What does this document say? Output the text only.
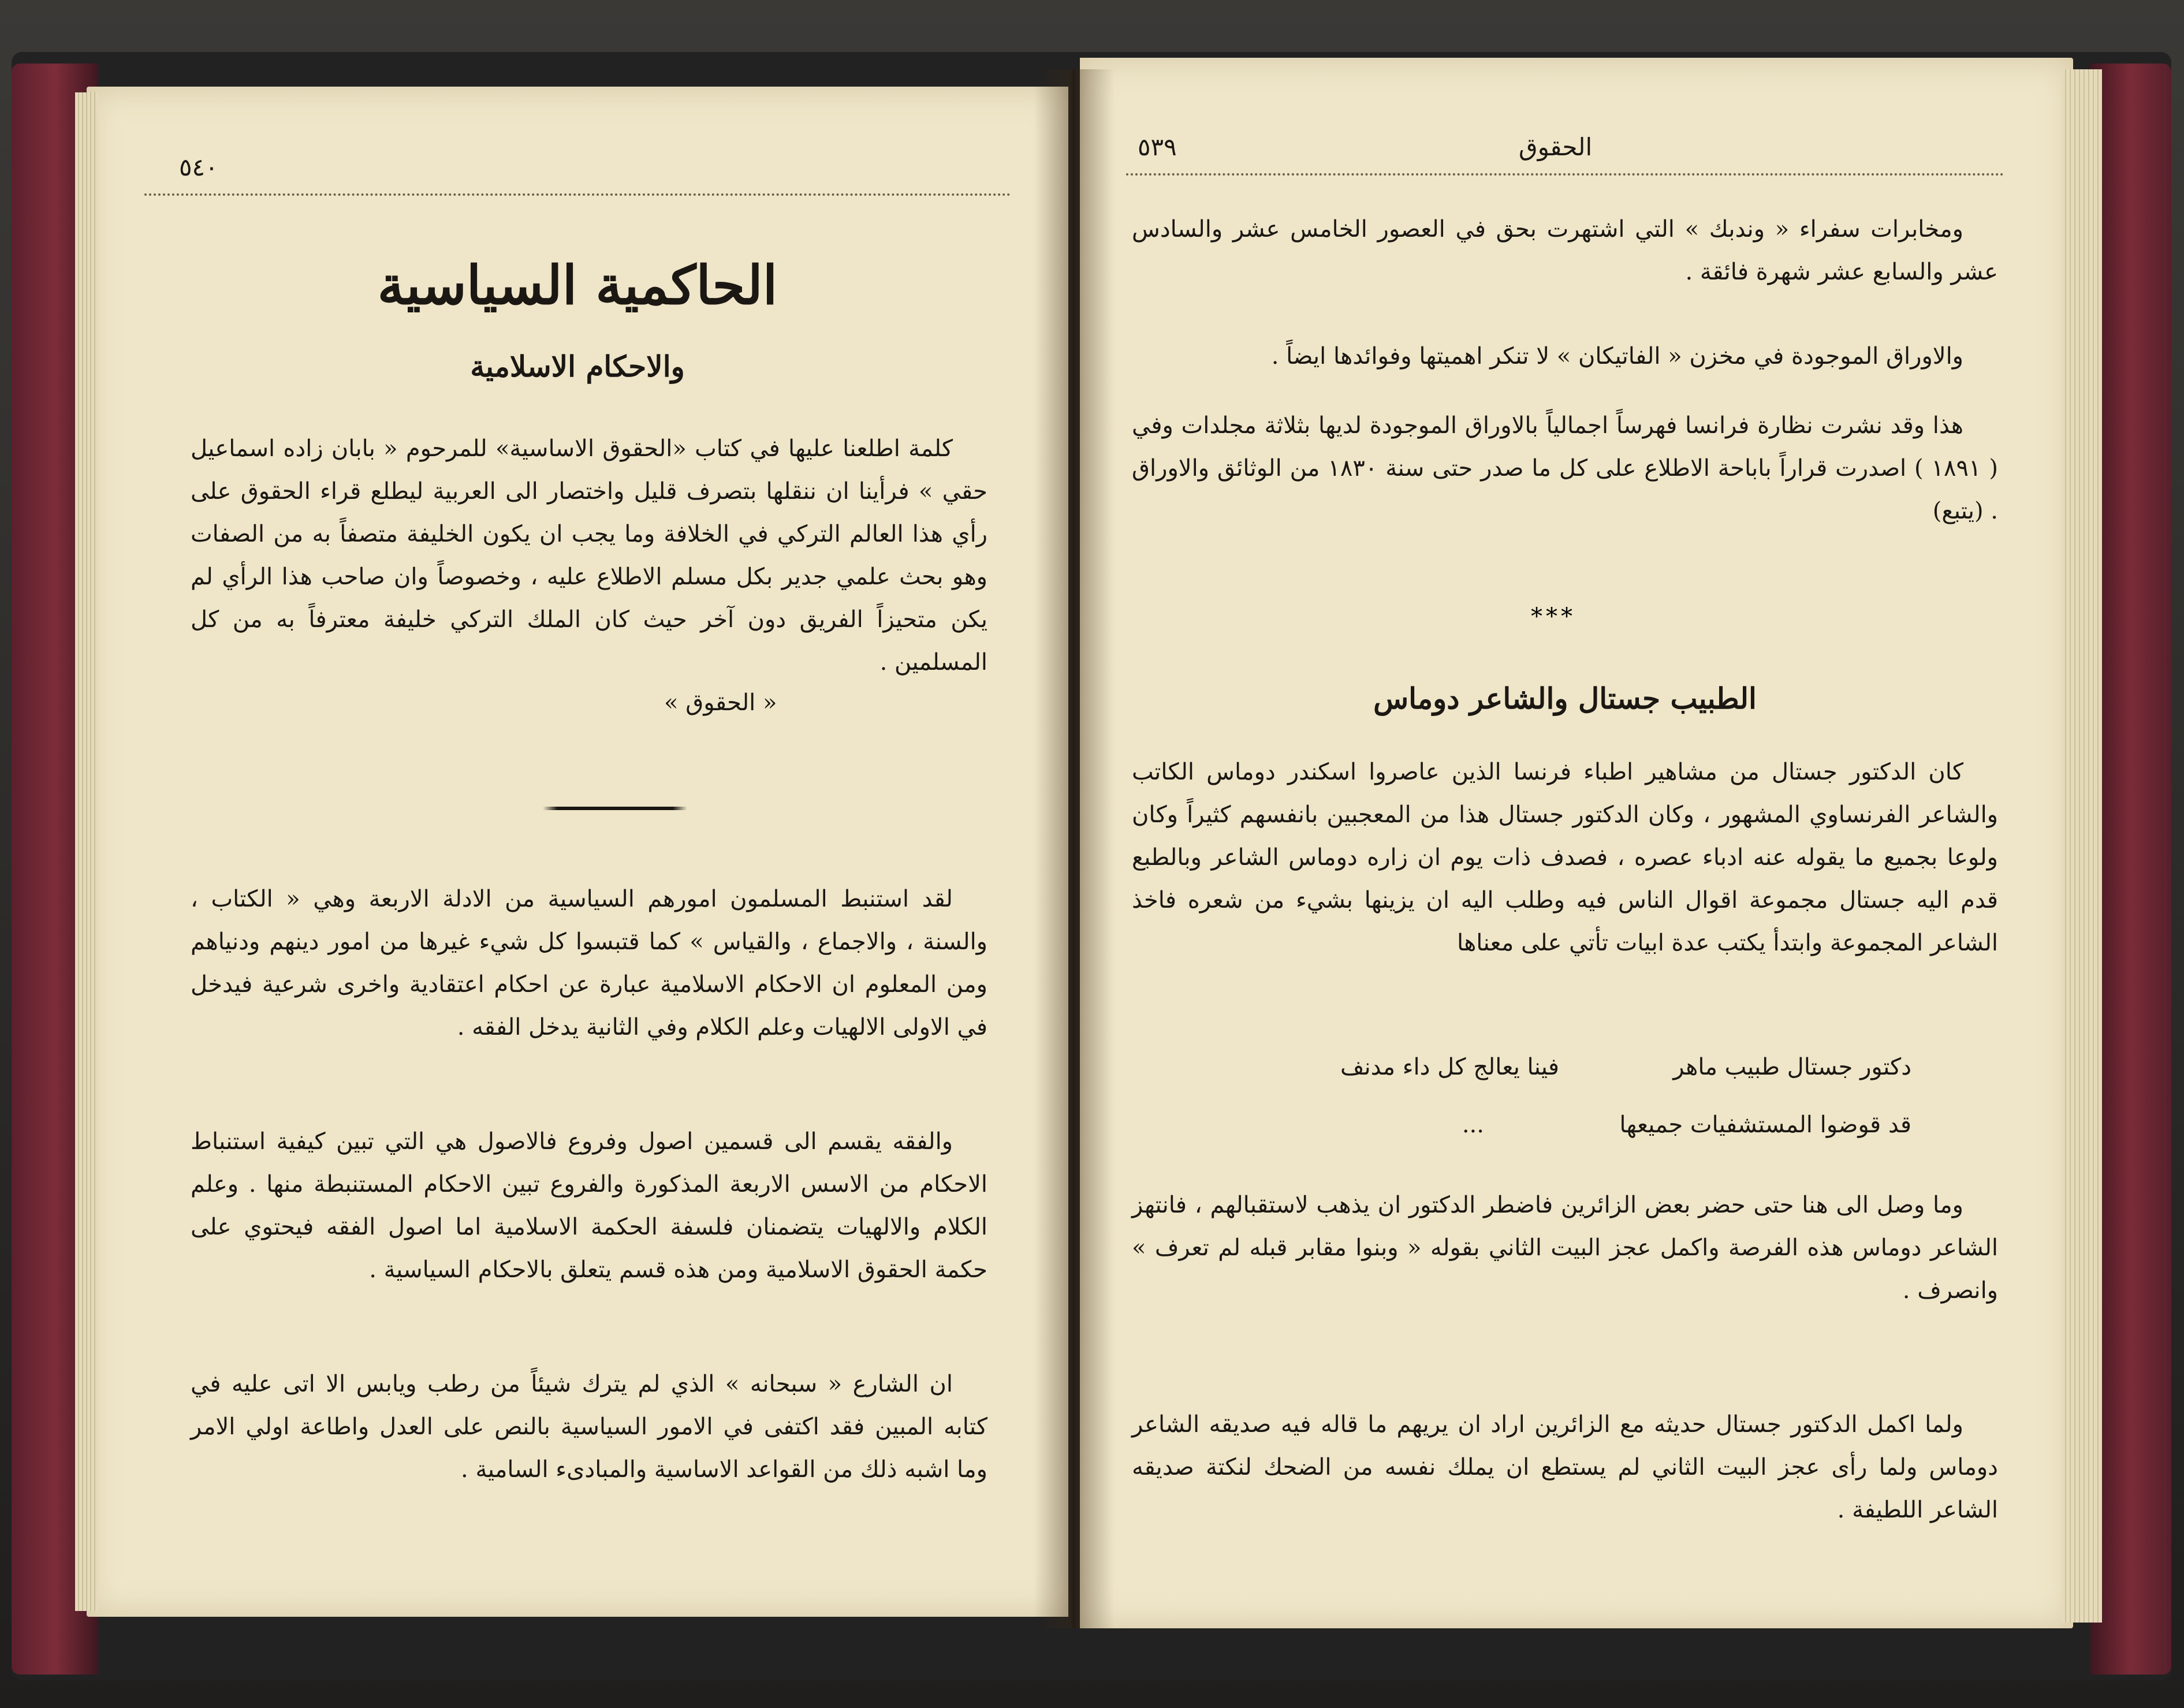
٥٤٠
الحاكمية السياسية
والاحكام الاسلامية
كلمة اطلعنا عليها في كتاب «الحقوق الاساسية» للمرحوم « بابان زاده اسماعيل حقي » فرأينا ان ننقلها بتصرف قليل واختصار الى العربية ليطلع قراء الحقوق على رأي هذا العالم التركي في الخلافة وما يجب ان يكون الخليفة متصفاً به من الصفات وهو بحث علمي جدير بكل مسلم الاطلاع عليه ، وخصوصاً وان صاحب هذا الرأي لم يكن متحيزاً الفريق دون آخر حيث كان الملك التركي خليفة معترفاً به من كل المسلمين .
« الحقوق »
لقد استنبط المسلمون امورهم السياسية من الادلة الاربعة وهي « الكتاب ، والسنة ، والاجماع ، والقياس » كما قتبسوا كل شيء غيرها من امور دينهم ودنياهم ومن المعلوم ان الاحكام الاسلامية عبارة عن احكام اعتقادية واخرى شرعية فيدخل في الاولى الالهيات وعلم الكلام وفي الثانية يدخل الفقه .
والفقه يقسم الى قسمين اصول وفروع فالاصول هي التي تبين كيفية استنباط الاحكام من الاسس الاربعة المذكورة والفروع تبين الاحكام المستنبطة منها . وعلم الكلام والالهيات يتضمنان فلسفة الحكمة الاسلامية اما اصول الفقه فيحتوي على حكمة الحقوق الاسلامية ومن هذه قسم يتعلق بالاحكام السياسية .
ان الشارع « سبحانه » الذي لم يترك شيئاً من رطب ويابس الا اتى عليه في كتابه المبين فقد اكتفى في الامور السياسية بالنص على العدل واطاعة اولي الامر وما اشبه ذلك من القواعد الاساسية والمبادىء السامية .
الحقوق
٥٣٩
ومخابرات سفراء « وندبك » التي اشتهرت بحق في العصور الخامس عشر والسادس عشر والسابع عشر شهرة فائقة .
والاوراق الموجودة في مخزن « الفاتيكان » لا تنكر اهميتها وفوائدها ايضاً .
هذا وقد نشرت نظارة فرانسا فهرساً اجمالياً بالاوراق الموجودة لديها بثلاثة مجلدات وفي ( ١٨٩١ ) اصدرت قراراً باباحة الاطلاع على كل ما صدر حتى سنة ١٨٣٠ من الوثائق والاوراق . (يتبع)
***
الطبيب جستال والشاعر دوماس
كان الدكتور جستال من مشاهير اطباء فرنسا الذين عاصروا اسكندر دوماس الكاتب والشاعر الفرنساوي المشهور ، وكان الدكتور جستال هذا من المعجبين بانفسهم كثيراً وكان ولوعا بجميع ما يقوله عنه ادباء عصره ، فصدف ذات يوم ان زاره دوماس الشاعر وبالطبع قدم اليه جستال مجموعة اقوال الناس فيه وطلب اليه ان يزينها بشيء من شعره فاخذ الشاعر المجموعة وابتدأ يكتب عدة ابيات تأتي على معناها
دكتور جستال طبيب ماهر
فينا يعالج كل داء مدنف
قد قوضوا المستشفيات جميعها
...
وما وصل الى هنا حتى حضر بعض الزائرين فاضطر الدكتور ان يذهب لاستقبالهم ، فانتهز الشاعر دوماس هذه الفرصة واكمل عجز البيت الثاني بقوله « وبنوا مقابر قبله لم تعرف » وانصرف .
ولما اكمل الدكتور جستال حديثه مع الزائرين اراد ان يريهم ما قاله فيه صديقه الشاعر دوماس ولما رأى عجز البيت الثاني لم يستطع ان يملك نفسه من الضحك لنكتة صديقه الشاعر اللطيفة .
